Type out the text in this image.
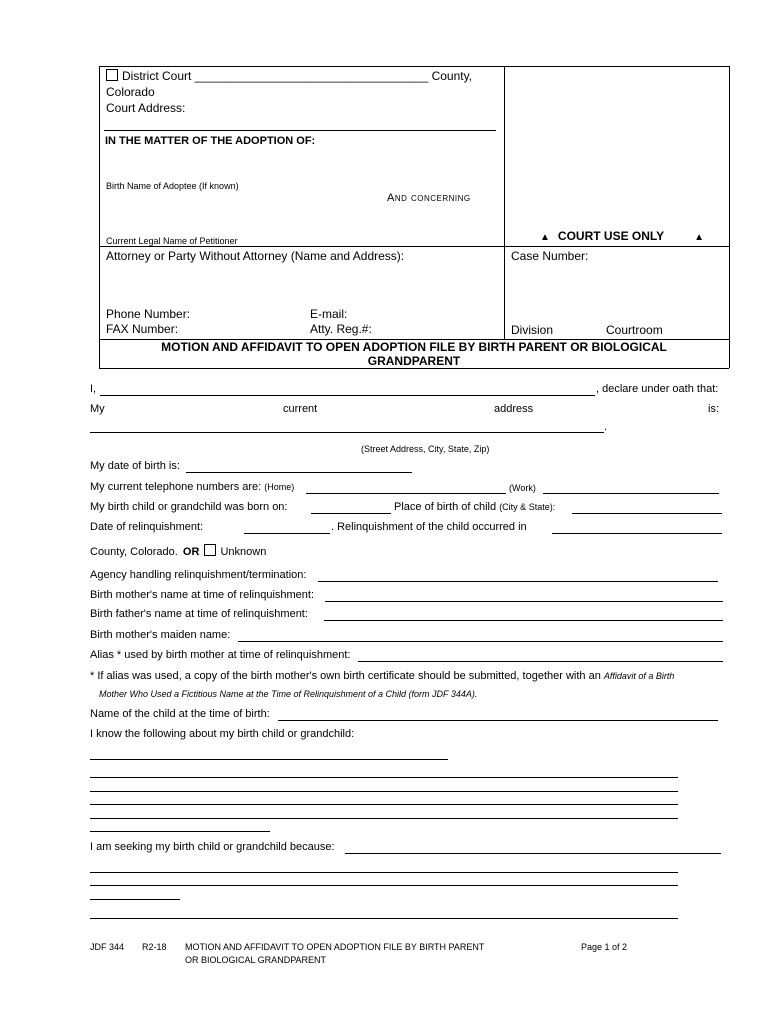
District Court ___________________________________ County,
Colorado
Court Address:
IN THE MATTER OF THE ADOPTION OF:
Birth Name of Adoptee (If known)
And concerning
Current Legal Name of Petitioner	▲ COURT USE ONLY	▲
Attorney or Party Without Attorney (Name and Address):
Phone Number:	E-mail:
FAX Number:	Atty. Reg.#:
Case Number:
Division	Courtroom
MOTION AND AFFIDAVIT TO OPEN ADOPTION FILE BY BIRTH PARENT OR BIOLOGICAL
GRANDPARENT
I,	, declare under oath that:
My	current	address	is:
.
(Street Address, City, State, Zip)
My date of birth is:
My current telephone numbers are: (Home)	(Work)
My birth child or grandchild was born on:	Place of birth of child (City & State):
Date of relinquishment:	. Relinquishment of the child occurred in
County, Colorado. OR Unknown
Agency handling relinquishment/termination:
Birth mother's name at time of relinquishment:
Birth father's name at time of relinquishment:
Birth mother's maiden name:
Alias * used by birth mother at time of relinquishment:
* If alias was used, a copy of the birth mother's own birth certificate should be submitted, together with an Affidavit of a Birth
Mother Who Used a Fictitious Name at the Time of Relinquishment of a Child (form JDF 344A).
Name of the child at the time of birth:
I know the following about my birth child or grandchild:
I am seeking my birth child or grandchild because:
JDF 344 R2-18 MOTION AND AFFIDAVIT TO OPEN ADOPTION FILE BY BIRTH PARENT
OR BIOLOGICAL GRANDPARENT
Page 1 of 2
